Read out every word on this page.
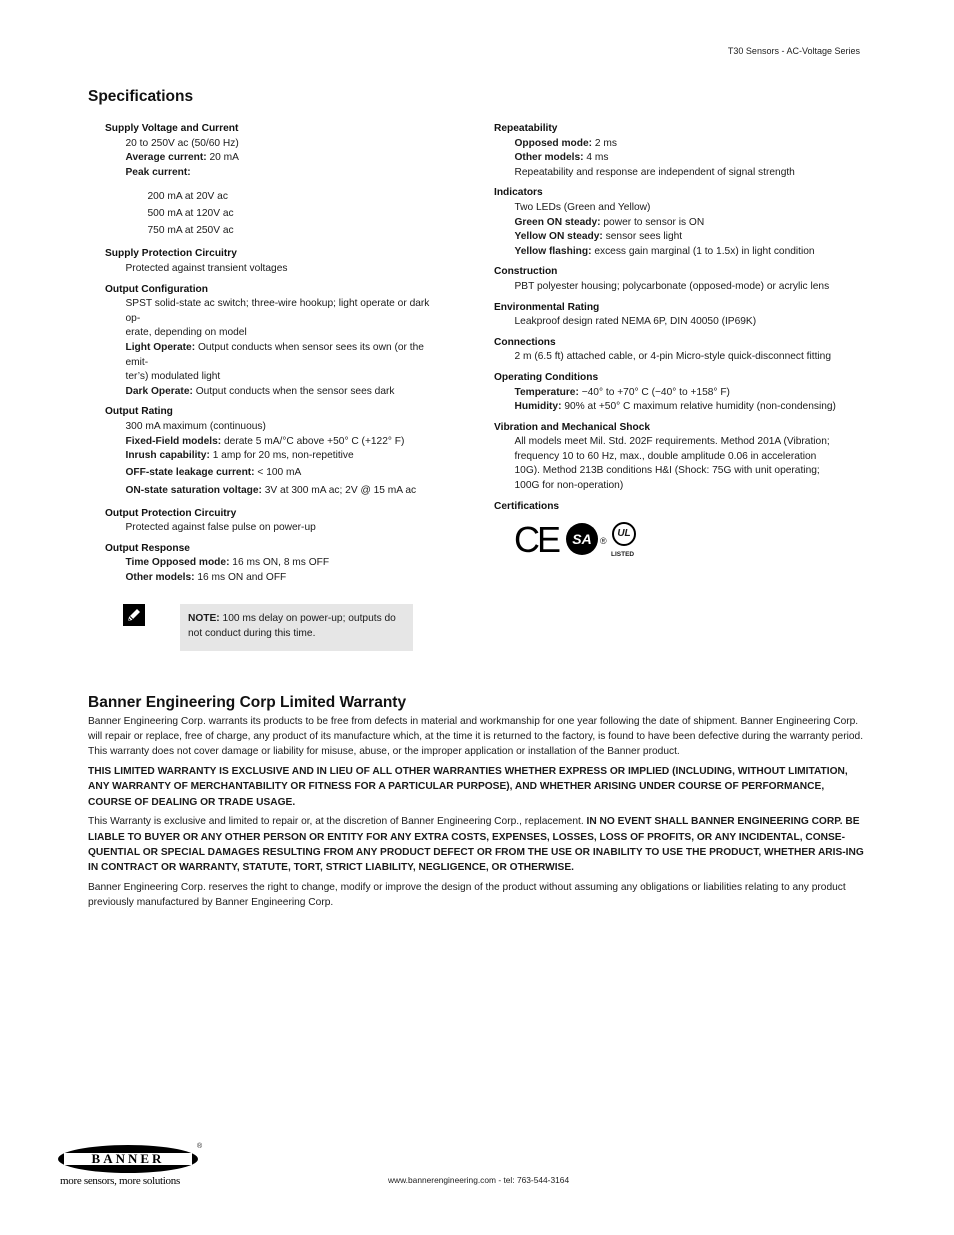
T30 Sensors - AC-Voltage Series
Specifications
Supply Voltage and Current
20 to 250V ac (50/60 Hz)
Average current: 20 mA
Peak current:
200 mA at 20V ac
500 mA at 120V ac
750 mA at 250V ac
Supply Protection Circuitry
Protected against transient voltages
Output Configuration
SPST solid-state ac switch; three-wire hookup; light operate or dark op-
erate, depending on model
Light Operate: Output conducts when sensor sees its own (or the emit-
ter’s) modulated light
Dark Operate: Output conducts when the sensor sees dark
Output Rating
300 mA maximum (continuous)
Fixed-Field models: derate 5 mA/°C above +50° C (+122° F)
Inrush capability: 1 amp for 20 ms, non-repetitive
OFF-state leakage current: < 100 mA
ON-state saturation voltage: 3V at 300 mA ac; 2V @ 15 mA ac
Output Protection Circuitry
Protected against false pulse on power-up
Output Response
Time Opposed mode: 16 ms ON, 8 ms OFF
Other models: 16 ms ON and OFF
Repeatability
Opposed mode: 2 ms
Other models: 4 ms
Repeatability and response are independent of signal strength
Indicators
Two LEDs (Green and Yellow)
Green ON steady: power to sensor is ON
Yellow ON steady: sensor sees light
Yellow flashing: excess gain marginal (1 to 1.5x) in light condition
Construction
PBT polyester housing; polycarbonate (opposed-mode) or acrylic lens
Environmental Rating
Leakproof design rated NEMA 6P, DIN 40050 (IP69K)
Connections
2 m (6.5 ft) attached cable, or 4-pin Micro-style quick-disconnect fitting
Operating Conditions
Temperature: −40° to +70° C (−40° to +158° F)
Humidity: 90% at +50° C maximum relative humidity (non-condensing)
Vibration and Mechanical Shock
All models meet Mil. Std. 202F requirements. Method 201A (Vibration;
frequency 10 to 60 Hz, max., double amplitude 0.06 in acceleration
10G). Method 213B conditions H&I (Shock: 75G with unit operating;
100G for non-operation)
Certifications
CE	SA ®
UL
LISTED
NOTE: 100 ms delay on power-up; outputs do
not conduct during this time.
Banner Engineering Corp Limited Warranty

Banner Engineering Corp. warrants its products to be free from defects in material and workmanship for one year following the date of shipment. Banner Engineering Corp. will repair or replace, free of charge, any product of its manufacture which, at the time it is returned to the factory, is found to have been defective during the warranty period. This warranty does not cover damage or liability for misuse, abuse, or the improper application or installation of the Banner product.

THIS LIMITED WARRANTY IS EXCLUSIVE AND IN LIEU OF ALL OTHER WARRANTIES WHETHER EXPRESS OR IMPLIED (INCLUDING, WITHOUT LIMITATION, ANY WARRANTY OF MERCHANTABILITY OR FITNESS FOR A PARTICULAR PURPOSE), AND WHETHER ARISING UNDER COURSE OF PERFORMANCE, COURSE OF DEALING OR TRADE USAGE.

This Warranty is exclusive and limited to repair or, at the discretion of Banner Engineering Corp., replacement. IN NO EVENT SHALL BANNER ENGINEERING CORP. BE LIABLE TO BUYER OR ANY OTHER PERSON OR ENTITY FOR ANY EXTRA COSTS, EXPENSES, LOSSES, LOSS OF PROFITS, OR ANY INCIDENTAL, CONSE-QUENTIAL OR SPECIAL DAMAGES RESULTING FROM ANY PRODUCT DEFECT OR FROM THE USE OR INABILITY TO USE THE PRODUCT, WHETHER ARIS-ING IN CONTRACT OR WARRANTY, STATUTE, TORT, STRICT LIABILITY, NEGLIGENCE, OR OTHERWISE.

Banner Engineering Corp. reserves the right to change, modify or improve the design of the product without assuming any obligations or liabilities relating to any product previously manufactured by Banner Engineering Corp.

BANNER
®
more sensors, more solutions	www.bannerengineering.com - tel: 763-544-3164
